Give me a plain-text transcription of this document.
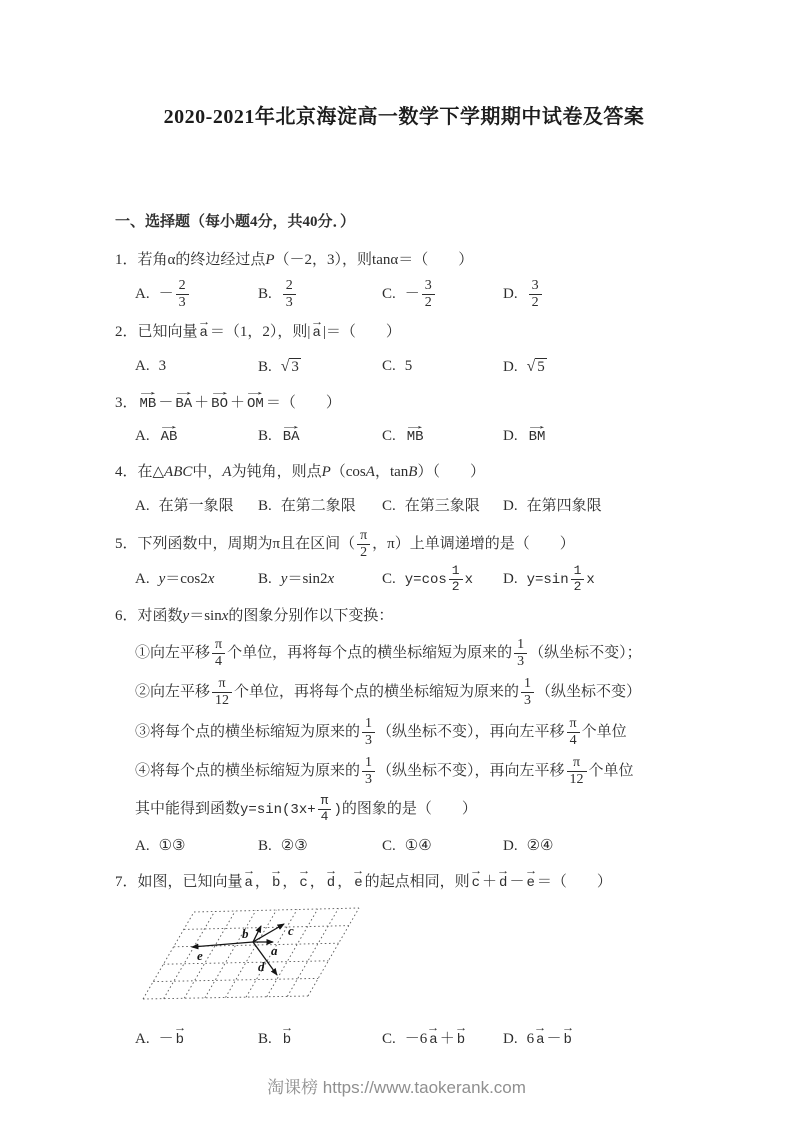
2020-2021年北京海淀高一数学下学期期中试卷及答案
一、选择题（每小题4分，共40分．）
1．若角α的终边经过点P（－2，3），则tanα＝（　　）
A. － $\frac{2}{3}$	B. $\frac{2}{3}$	C. － $\frac{3}{2}$	D. $\frac{3}{2}$
2．已知向量
→
a ＝（1，2），则|
→
a |＝（　　）
A. 3	B. √ 3	C. 5	D. √ 5
3．
→
MB －
→
BA ＋
→
BO ＋
→
OM ＝（　　）
A.
→
AB	B.
→
BA	C.
→
MB	D.
→
BM
4．在△ABC中，A为钝角，则点P（cosA，tanB）（　　）
A. 在第一象限	B. 在第二象限	C. 在第三象限	D. 在第四象限
5．下列函数中，周期为π且在区间（ $\frac{\pi}{2}$ ，π）上单调递增的是（　　）
A. y＝cos2x	B. y＝sin2x	C. $y=\cos \frac{1}{2}$ x	D. $y=\sin \frac{1}{2}$ x
6．对函数y＝sinx的图象分别作以下变换：
①向左平移 $\frac{\pi}{4}$ 个单位，再将每个点的横坐标缩短为原来的 $\frac{1}{3}$ （纵坐标不变）；
②向左平移 $\frac{\pi}{12}$ 个单位，再将每个点的横坐标缩短为原来的 $\frac{1}{3}$ （纵坐标不变）
③将每个点的横坐标缩短为原来的 $\frac{1}{3}$ （纵坐标不变），再向左平移 $\frac{\pi}{4}$ 个单位
④将每个点的横坐标缩短为原来的 $\frac{1}{3}$ （纵坐标不变），再向左平移 $\frac{\pi}{12}$ 个单位
其中能得到函数$y=\sin(3x+ \frac{\pi}{4}$ )的图象的是（　　）
A. ①③	B. ②③	C. ①④	D. ②④
7．如图，已知向量
→
a ，
→
b ，
→
c ，
→
d ，
→
e 的起点相同，则
→
c ＋
→
d －
→
e ＝（　　）
e
b	c
a
d
A. －
→
b	B.
→
b	C. －6
→
a ＋
→
b	D. 6
→
a －
→
b
淘课榜 https://www.taokerank.com
